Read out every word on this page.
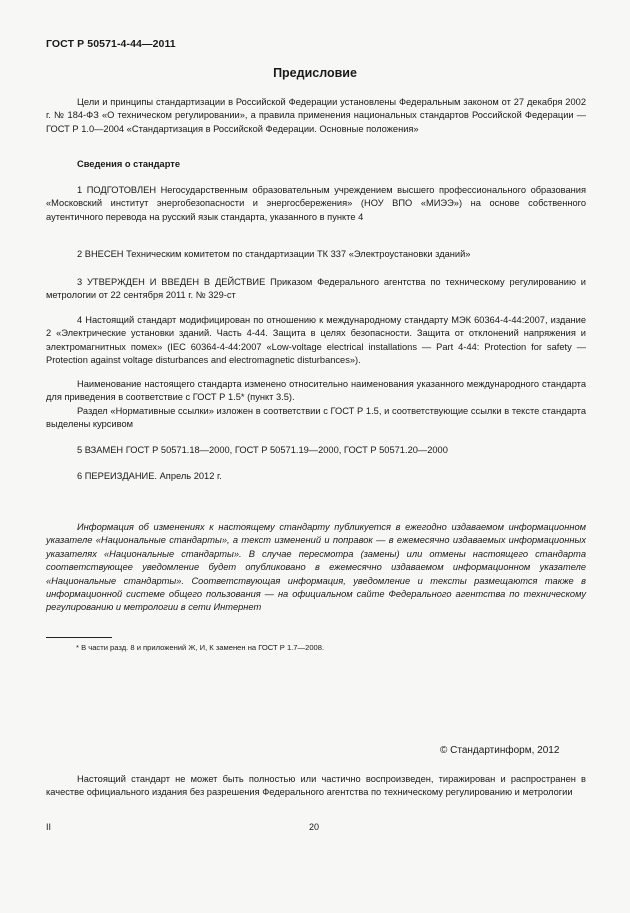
ГОСТ Р 50571-4-44—2011
Предисловие
Цели и принципы стандартизации в Российской Федерации установлены Федеральным законом от 27 декабря 2002 г. № 184-ФЗ «О техническом регулировании», а правила применения национальных стандартов Российской Федерации — ГОСТ Р 1.0—2004 «Стандартизация в Российской Федерации. Основные положения»
Сведения о стандарте
1 ПОДГОТОВЛЕН Негосударственным образовательным учреждением высшего профессионального образования «Московский институт энергобезопасности и энергосбережения» (НОУ ВПО «МИЭЭ») на основе собственного аутентичного перевода на русский язык стандарта, указанного в пункте 4
2 ВНЕСЕН Техническим комитетом по стандартизации ТК 337 «Электроустановки зданий»
3 УТВЕРЖДЕН И ВВЕДЕН В ДЕЙСТВИЕ Приказом Федерального агентства по техническому регулированию и метрологии от 22 сентября 2011 г. № 329-ст
4 Настоящий стандарт модифицирован по отношению к международному стандарту МЭК 60364-4-44:2007, издание 2 «Электрические установки зданий. Часть 4-44. Защита в целях безопасности. Защита от отклонений напряжения и электромагнитных помех» (IEC 60364-4-44:2007 «Low-voltage electrical installations — Part 4-44: Protection for safety — Protection against voltage disturbances and electromagnetic disturbances»).
Наименование настоящего стандарта изменено относительно наименования указанного международного стандарта для приведения в соответствие с ГОСТ Р 1.5* (пункт 3.5).
Раздел «Нормативные ссылки» изложен в соответствии с ГОСТ Р 1.5, и соответствующие ссылки в тексте стандарта выделены курсивом
5 ВЗАМЕН ГОСТ Р 50571.18—2000, ГОСТ Р 50571.19—2000, ГОСТ Р 50571.20—2000
6 ПЕРЕИЗДАНИЕ. Апрель 2012 г.
Информация об изменениях к настоящему стандарту публикуется в ежегодно издаваемом информационном указателе «Национальные стандарты», а текст изменений и поправок — в ежемесячно издаваемых информационных указателях «Национальные стандарты». В случае пересмотра (замены) или отмены настоящего стандарта соответствующее уведомление будет опубликовано в ежемесячно издаваемом информационном указателе «Национальные стандарты». Соответствующая информация, уведомление и тексты размещаются также в информационной системе общего пользования — на официальном сайте Федерального агентства по техническому регулированию и метрологии в сети Интернет
* В части разд. 8 и приложений Ж, И, К заменен на ГОСТ Р 1.7—2008.
© Стандартинформ, 2012
Настоящий стандарт не может быть полностью или частично воспроизведен, тиражирован и распространен в качестве официального издания без разрешения Федерального агентства по техническому регулированию и метрологии
II	20
